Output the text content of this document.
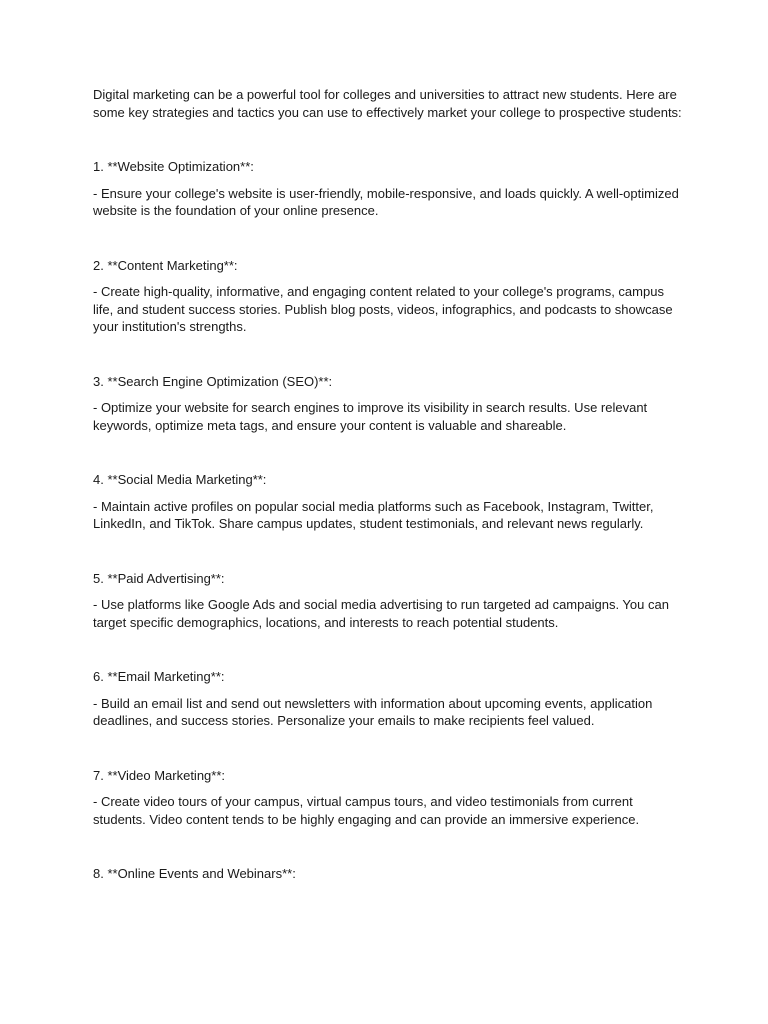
Digital marketing can be a powerful tool for colleges and universities to attract new students. Here are some key strategies and tactics you can use to effectively market your college to prospective students:

1. **Website Optimization**:

- Ensure your college's website is user-friendly, mobile-responsive, and loads quickly. A well-optimized website is the foundation of your online presence.

2. **Content Marketing**:

- Create high-quality, informative, and engaging content related to your college's programs, campus life, and student success stories. Publish blog posts, videos, infographics, and podcasts to showcase your institution's strengths.

3. **Search Engine Optimization (SEO)**:

- Optimize your website for search engines to improve its visibility in search results. Use relevant keywords, optimize meta tags, and ensure your content is valuable and shareable.

4. **Social Media Marketing**:

- Maintain active profiles on popular social media platforms such as Facebook, Instagram, Twitter, LinkedIn, and TikTok. Share campus updates, student testimonials, and relevant news regularly.

5. **Paid Advertising**:

- Use platforms like Google Ads and social media advertising to run targeted ad campaigns. You can target specific demographics, locations, and interests to reach potential students.

6. **Email Marketing**:

- Build an email list and send out newsletters with information about upcoming events, application deadlines, and success stories. Personalize your emails to make recipients feel valued.

7. **Video Marketing**:

- Create video tours of your campus, virtual campus tours, and video testimonials from current students. Video content tends to be highly engaging and can provide an immersive experience.

8. **Online Events and Webinars**:
